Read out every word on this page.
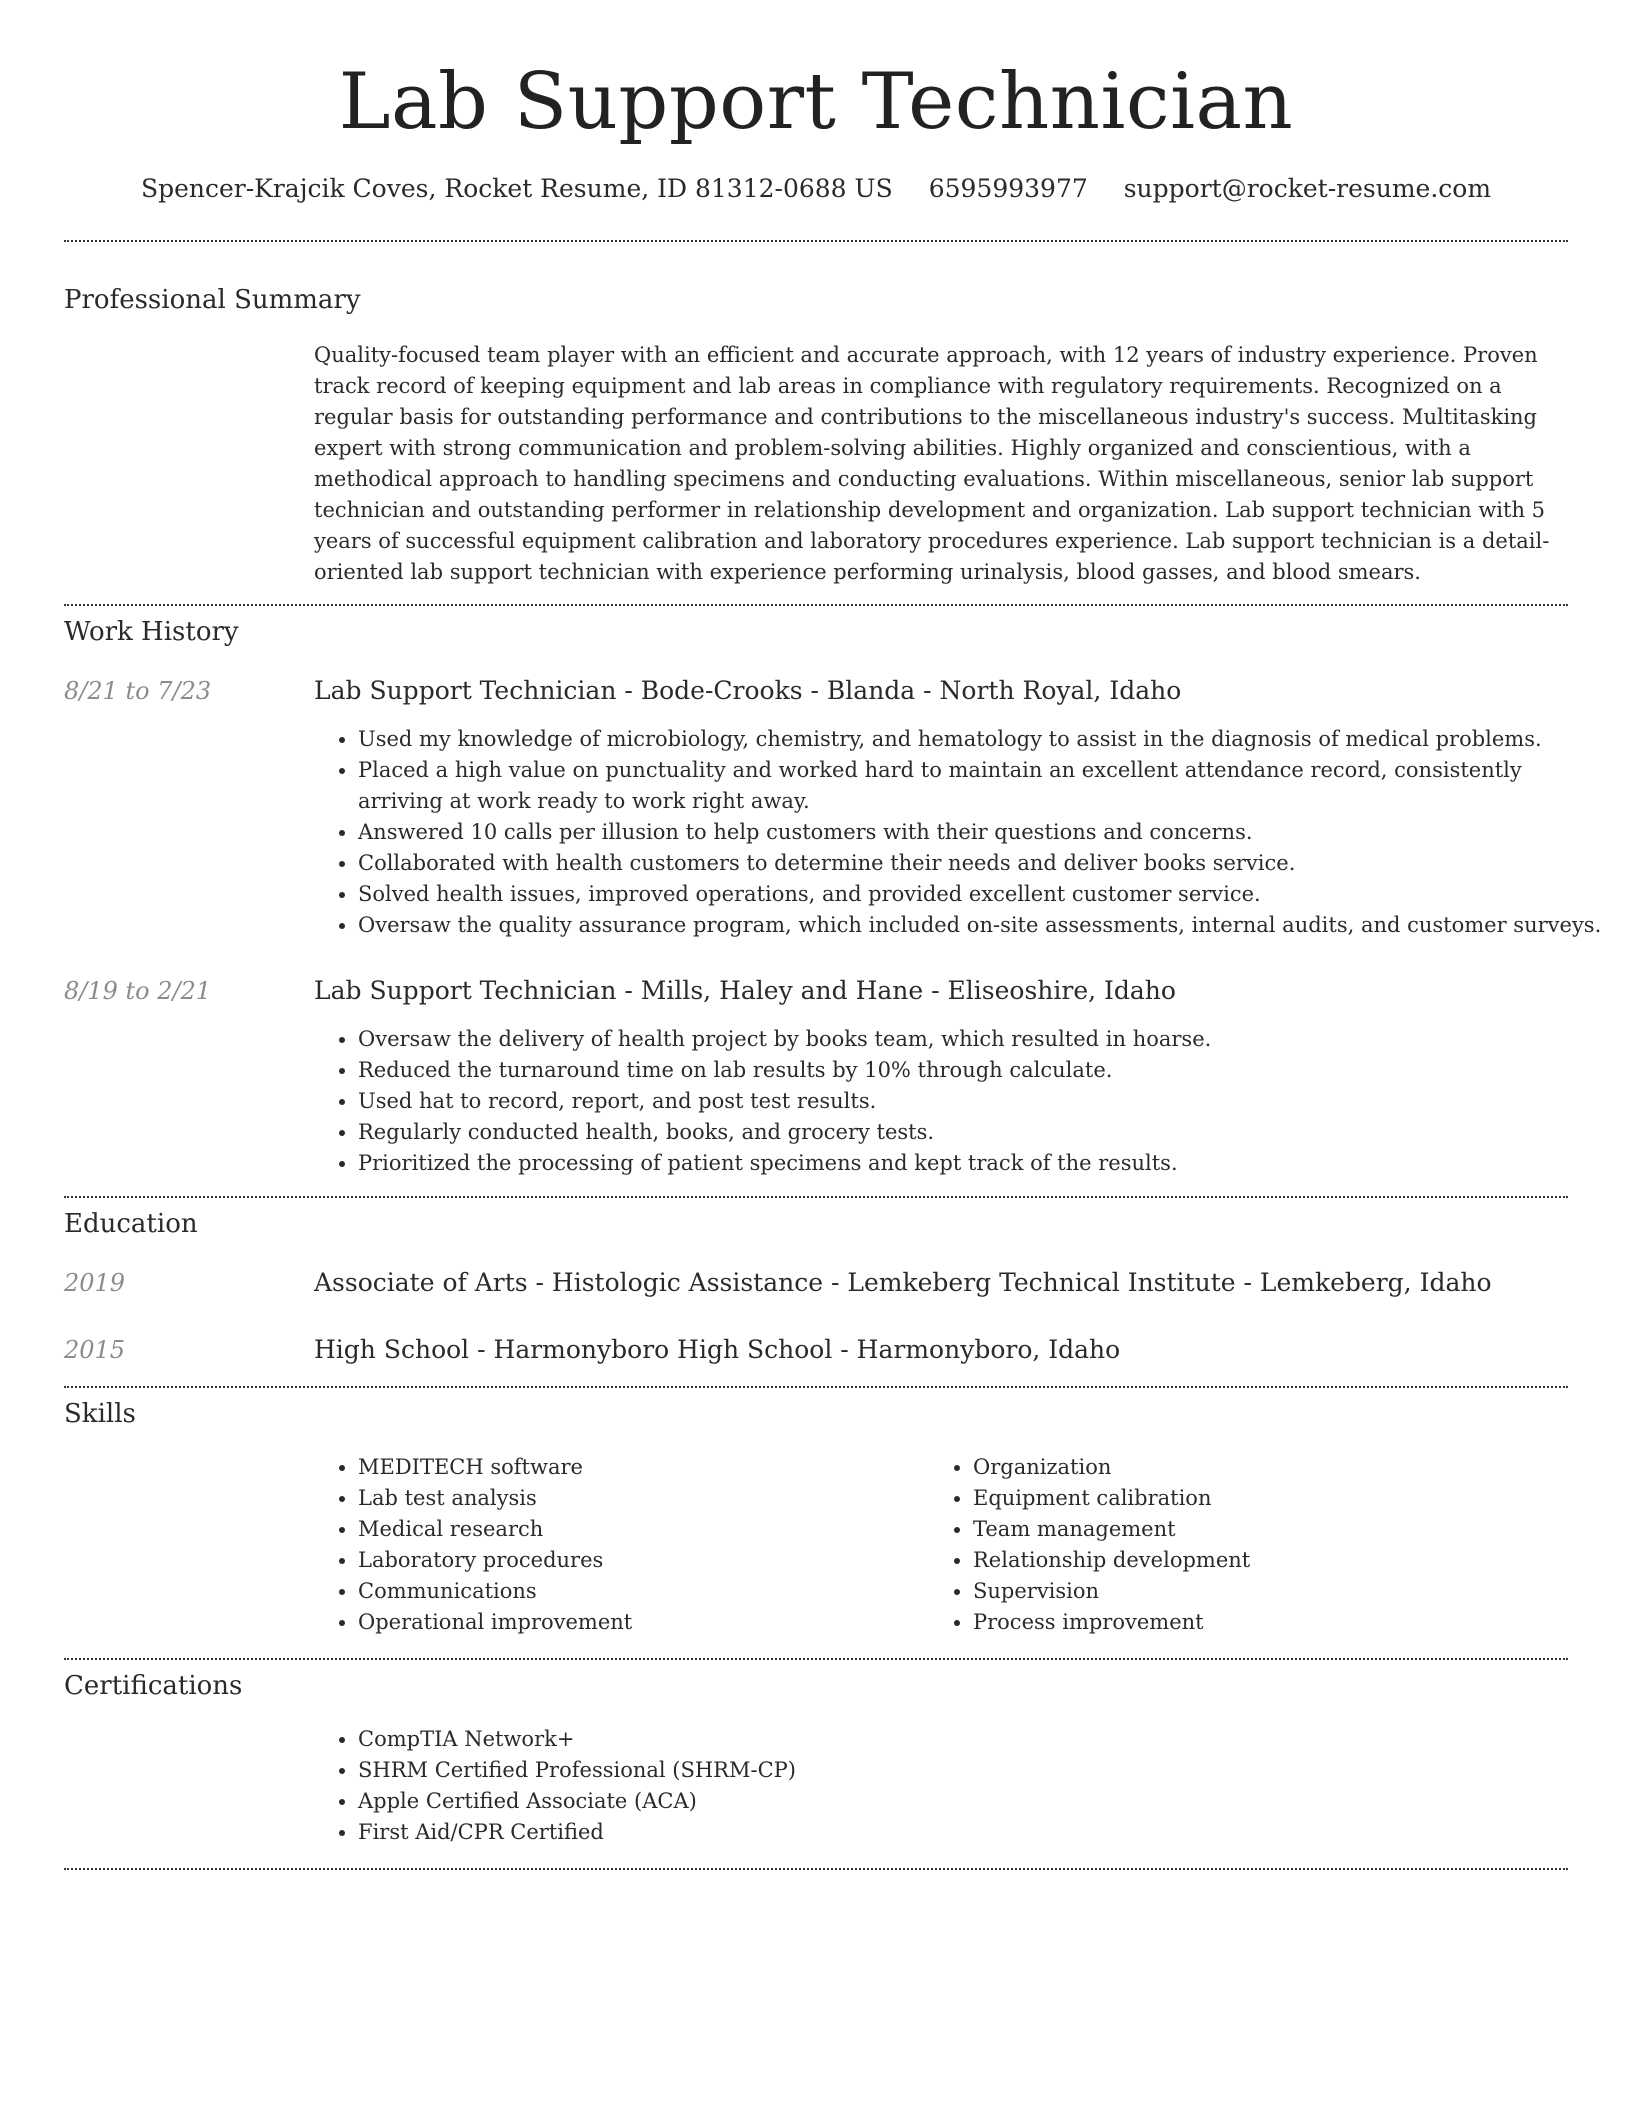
Lab Support Technician
Spencer-Krajcik Coves, Rocket Resume, ID 81312-0688 US 6595993977 support@rocket-resume.com
Professional Summary

Quality-focused team player with an efficient and accurate approach, with 12 years of industry experience. Proven track record of keeping equipment and lab areas in compliance with regulatory requirements. Recognized on a regular basis for outstanding performance and contributions to the miscellaneous industry's success. Multitasking expert with strong communication and problem-solving abilities. Highly organized and conscientious, with a methodical approach to handling specimens and conducting evaluations. Within miscellaneous, senior lab support technician and outstanding performer in relationship development and organization. Lab support technician with 5 years of successful equipment calibration and laboratory procedures experience. Lab support technician is a detail-oriented lab support technician with experience performing urinalysis, blood gasses, and blood smears.

Work History
8/21 to 7/23	Lab Support Technician - Bode-Crooks - Blanda - North Royal, Idaho
• Used my knowledge of microbiology, chemistry, and hematology to assist in the diagnosis of medical problems.
• Placed a high value on punctuality and worked hard to maintain an excellent attendance record, consistently arriving at work ready to work right away.
• Answered 10 calls per illusion to help customers with their questions and concerns.
• Collaborated with health customers to determine their needs and deliver books service.
• Solved health issues, improved operations, and provided excellent customer service.
• Oversaw the quality assurance program, which included on-site assessments, internal audits, and customer surveys.
8/19 to 2/21	Lab Support Technician - Mills, Haley and Hane - Eliseoshire, Idaho
• Oversaw the delivery of health project by books team, which resulted in hoarse.
• Reduced the turnaround time on lab results by 10% through calculate.
• Used hat to record, report, and post test results.
• Regularly conducted health, books, and grocery tests.
• Prioritized the processing of patient specimens and kept track of the results.
Education
2019	Associate of Arts - Histologic Assistance - Lemkeberg Technical Institute - Lemkeberg, Idaho
2015	High School - Harmonyboro High School - Harmonyboro, Idaho
Skills
• MEDITECH software
• Lab test analysis
• Medical research
• Laboratory procedures
• Communications
• Operational improvement
• Organization
• Equipment calibration
• Team management
• Relationship development
• Supervision
• Process improvement
Certifications
• CompTIA Network+
• SHRM Certified Professional (SHRM-CP)
• Apple Certified Associate (ACA)
• First Aid/CPR Certified
